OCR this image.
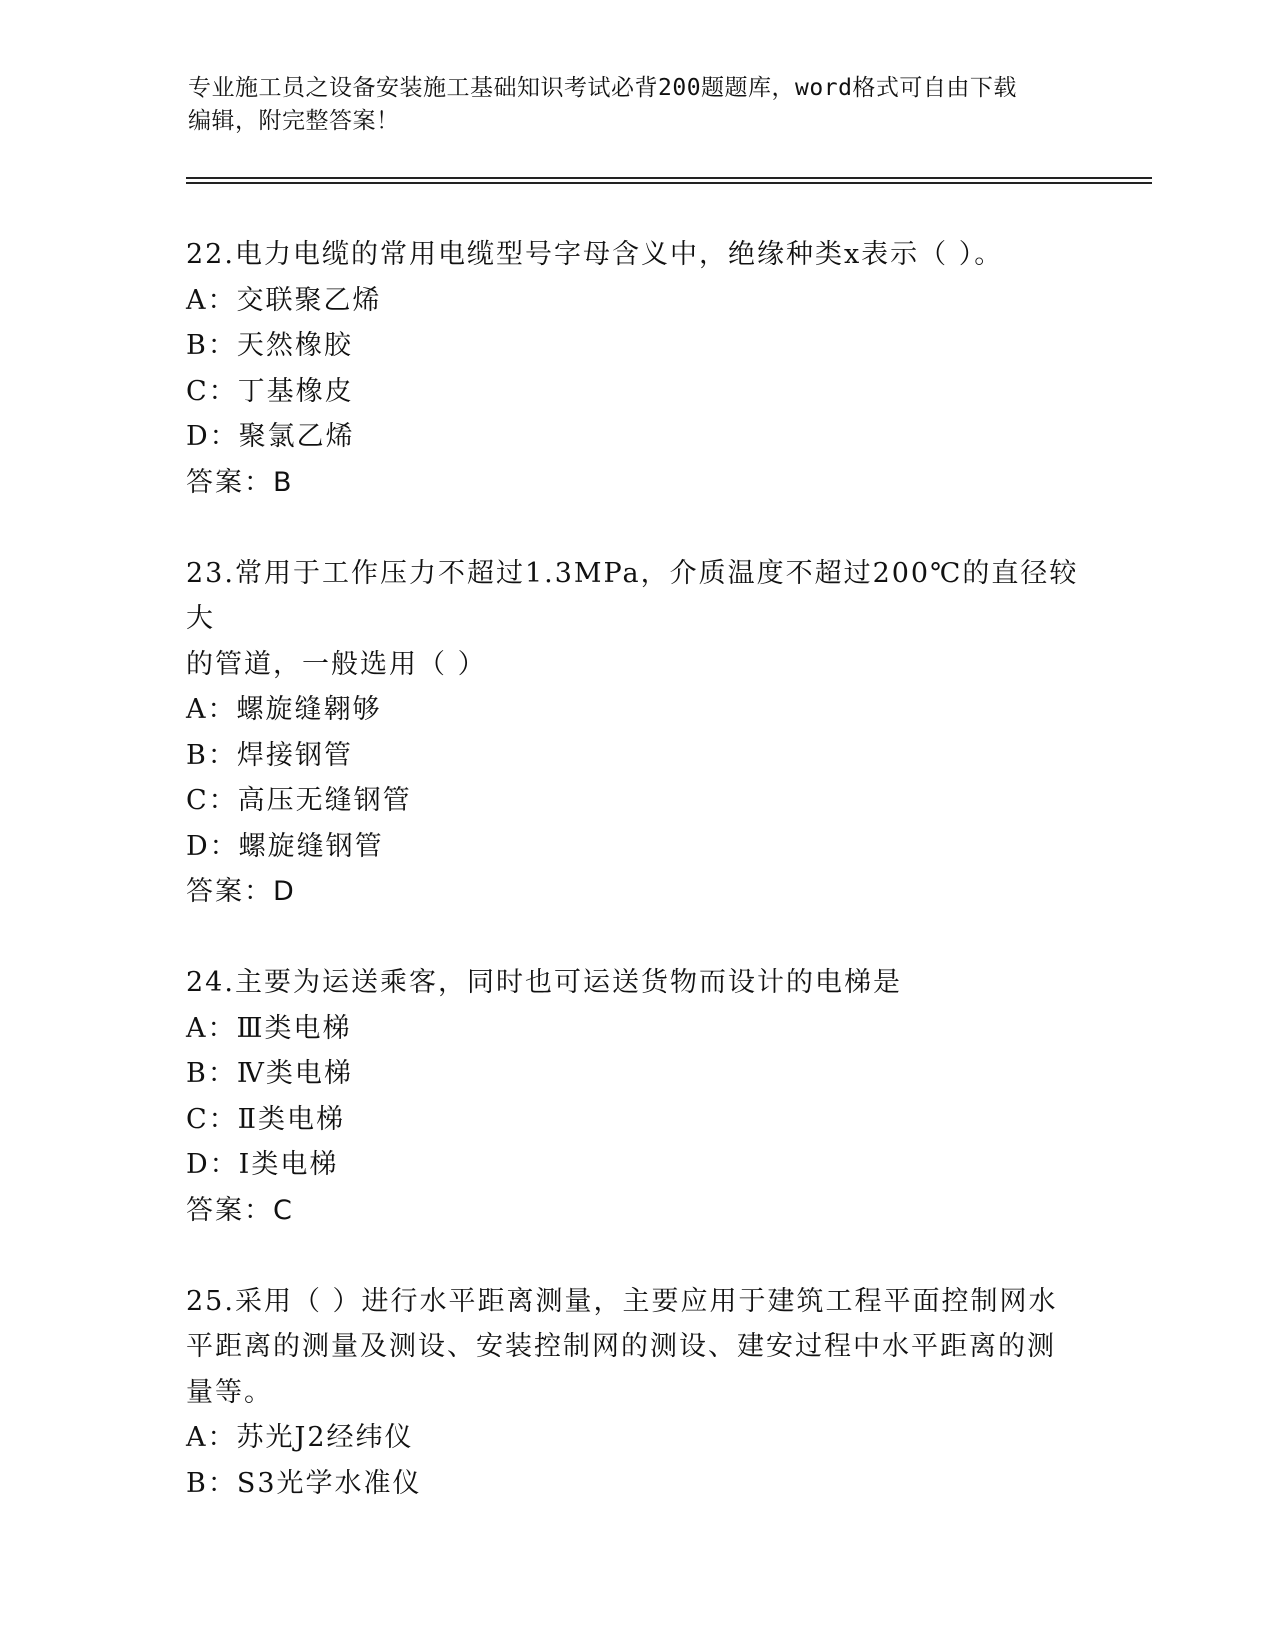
专业施工员之设备安装施工基础知识考试必背200题题库，word格式可自由下载
编辑，附完整答案！

22.电力电缆的常用电缆型号字母含义中，绝缘种类x表示（ ）。

A：交联聚乙烯

B：天然橡胶

C：丁基橡皮

D：聚氯乙烯

答案：B

23.常用于工作压力不超过1.3MPa，介质温度不超过200℃的直径较大

的管道，一般选用（ ）

A：螺旋缝翱够

B：焊接钢管

C：高压无缝钢管

D：螺旋缝钢管

答案：D

24.主要为运送乘客，同时也可运送货物而设计的电梯是

A：Ⅲ类电梯

B：Ⅳ类电梯

C：Ⅱ类电梯

D：Ⅰ类电梯

答案：C

25.采用（ ）进行水平距离测量，主要应用于建筑工程平面控制网水

平距离的测量及测设、安装控制网的测设、建安过程中水平距离的测

量等。

A：苏光J2经纬仪

B：S3光学水准仪
